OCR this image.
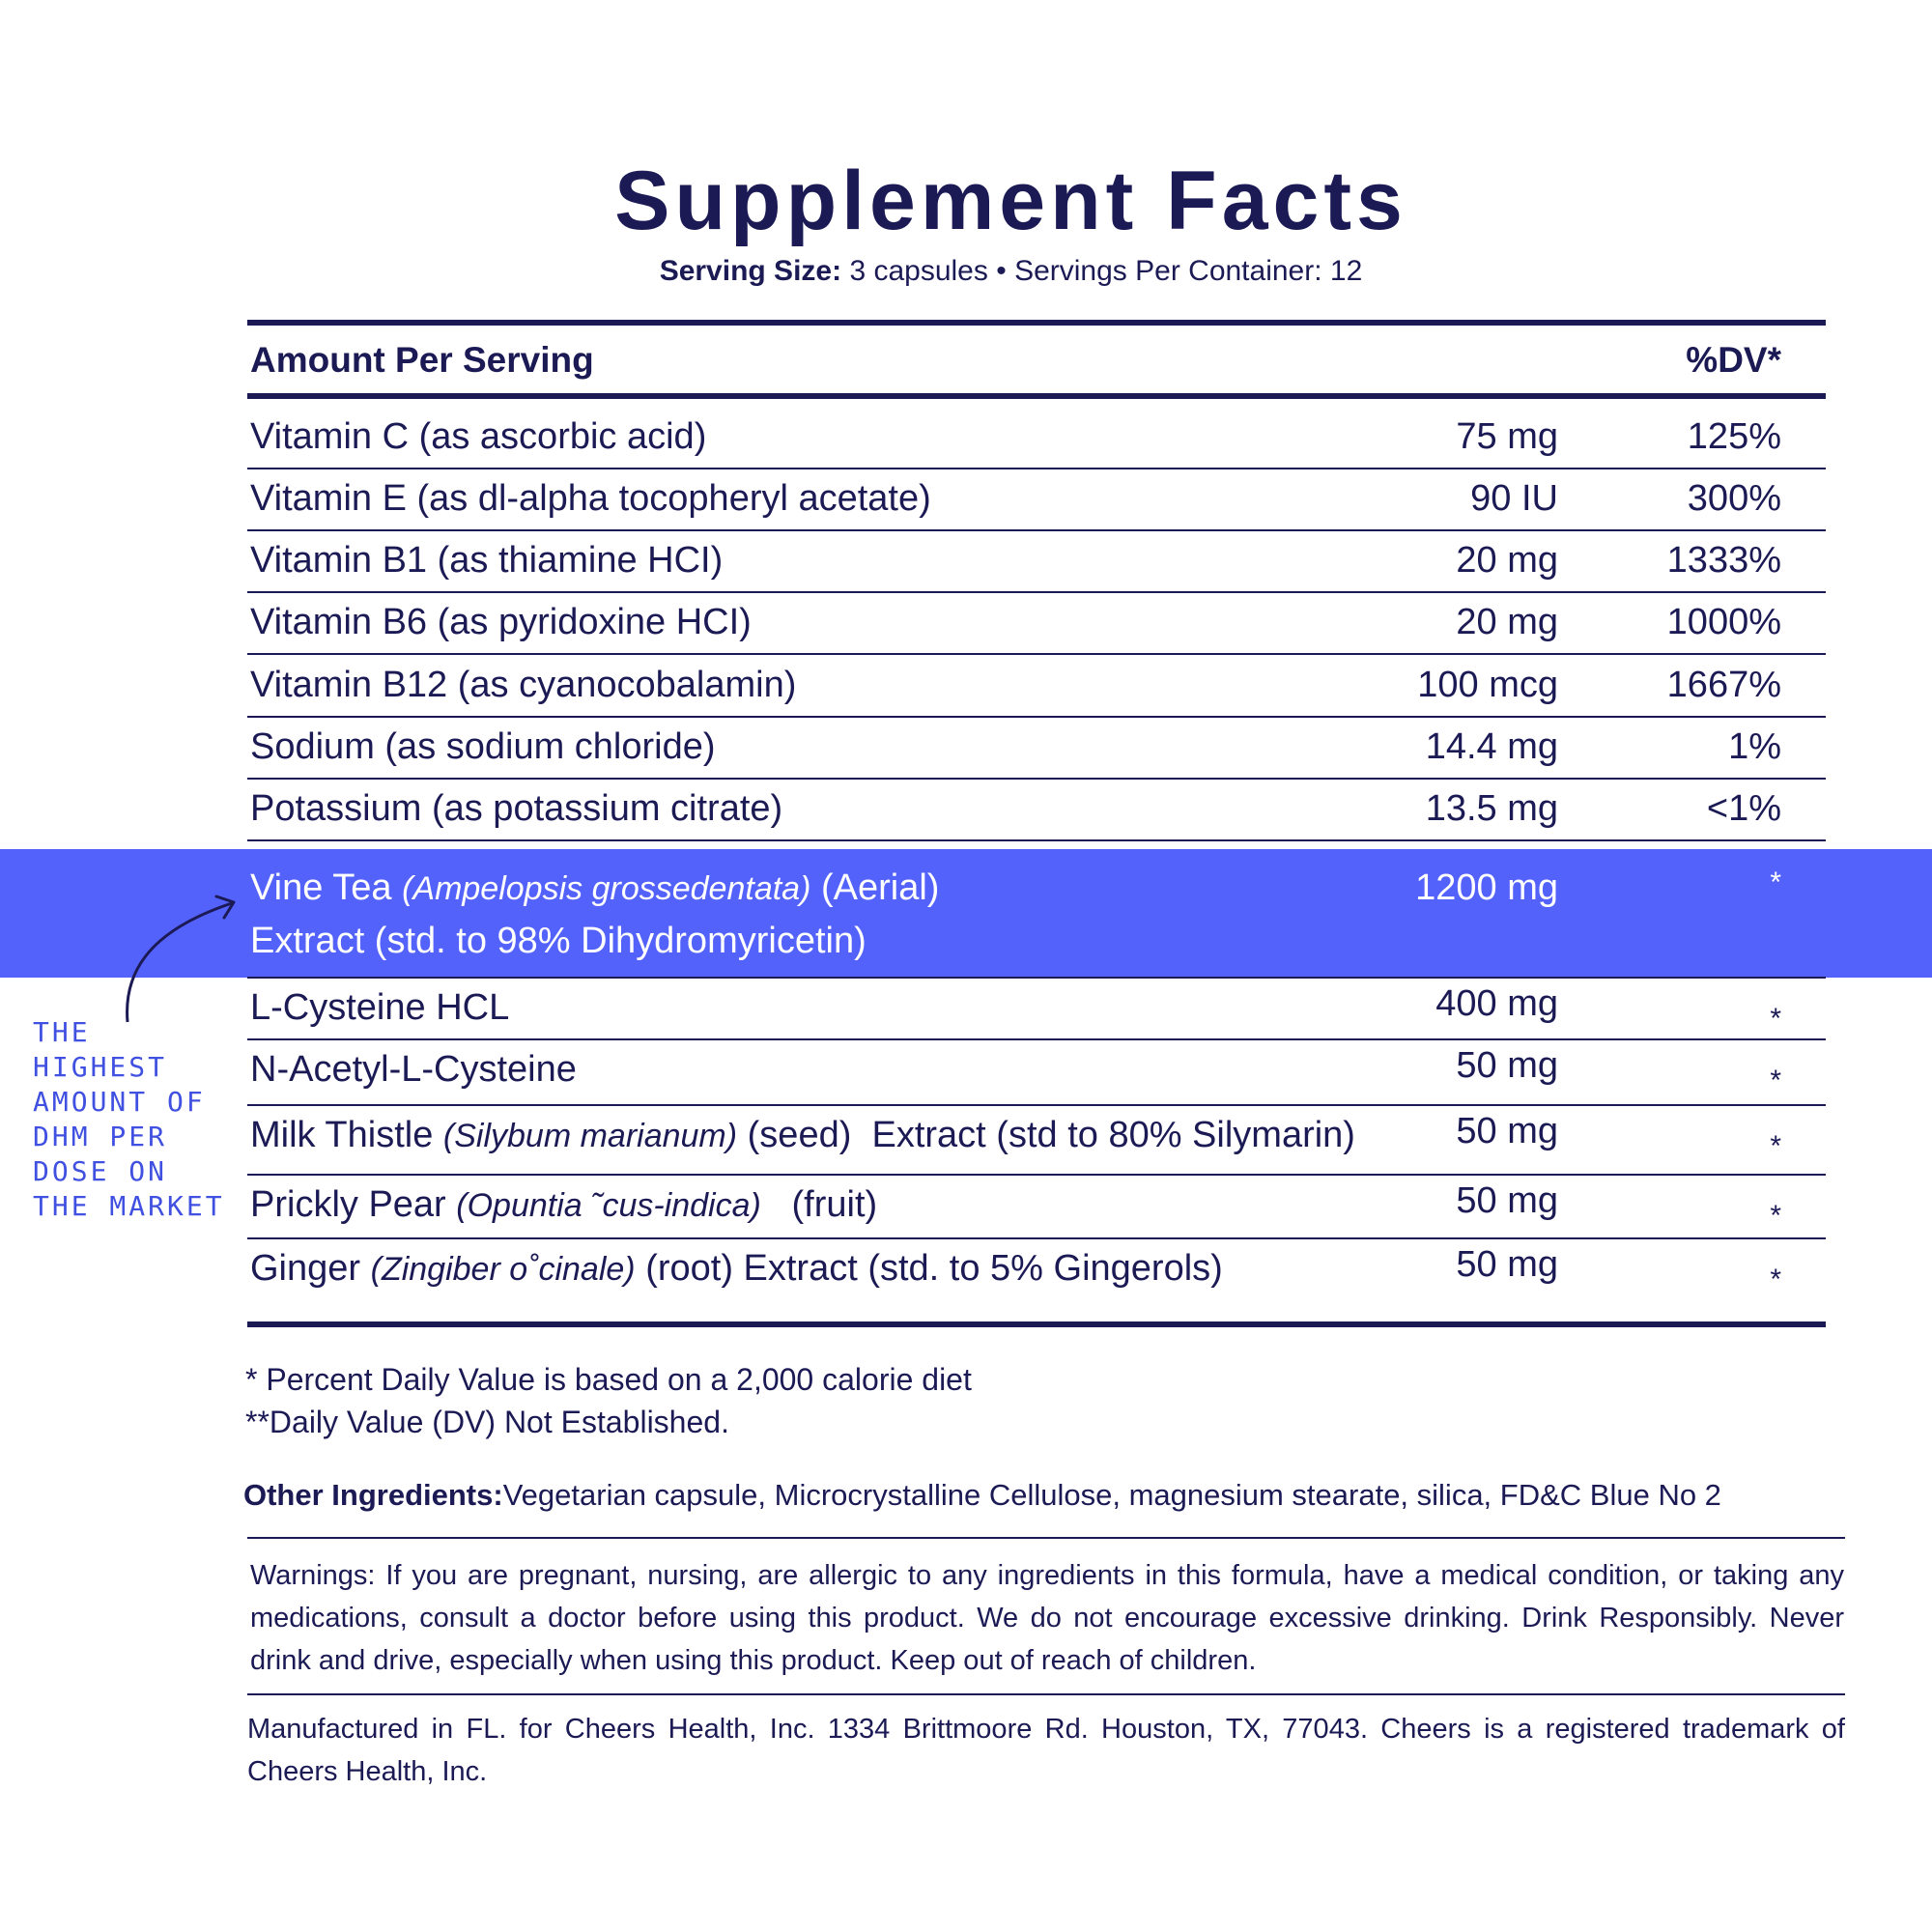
Supplement Facts
Serving Size: 3 capsules • Servings Per Container: 12
Amount Per Serving	%DV*
Vitamin C (as ascorbic acid)	75 mg	125%
Vitamin E (as dl-alpha tocopheryl acetate)	90 IU	300%
Vitamin B1 (as thiamine HCI)	20 mg	1333%
Vitamin B6 (as pyridoxine HCI)	20 mg	1000%
Vitamin B12 (as cyanocobalamin)	100 mcg	1667%
Sodium (as sodium chloride)	14.4 mg	1%
Potassium (as potassium citrate)	13.5 mg	<1%
Vine Tea (Ampelopsis grossedentata) (Aerial)
Extract (std. to 98% Dihydromyricetin)
1200 mg	*
L-Cysteine HCL	400 mg	*
N-Acetyl-L-Cysteine	50 mg	*
Milk Thistle (Silybum marianum) (seed)  Extract (std to 80% Silymarin)	50 mg	*
Prickly Pear (Opuntia ˜cus-indica)   (fruit)	50 mg	*
Ginger (Zingiber o˚cinale) (root) Extract (std. to 5% Gingerols)	50 mg	*
THE
HIGHEST
AMOUNT OF
DHM PER
DOSE ON
THE MARKET
* Percent Daily Value is based on a 2,000 calorie diet
**Daily Value (DV) Not Established.
Other Ingredients:Vegetarian capsule, Microcrystalline Cellulose, magnesium stearate, silica, FD&C Blue No 2
Warnings: If you are pregnant, nursing, are allergic to any ingredients in this formula, have a medical condition, or taking any medications, consult a doctor before using this product. We do not encourage excessive drinking. Drink Responsibly. Never drink and drive, especially when using this product. Keep out of reach of children.
Manufactured in FL. for Cheers Health, Inc. 1334 Brittmoore Rd. Houston, TX, 77043. Cheers is a registered trademark of Cheers Health, Inc.
